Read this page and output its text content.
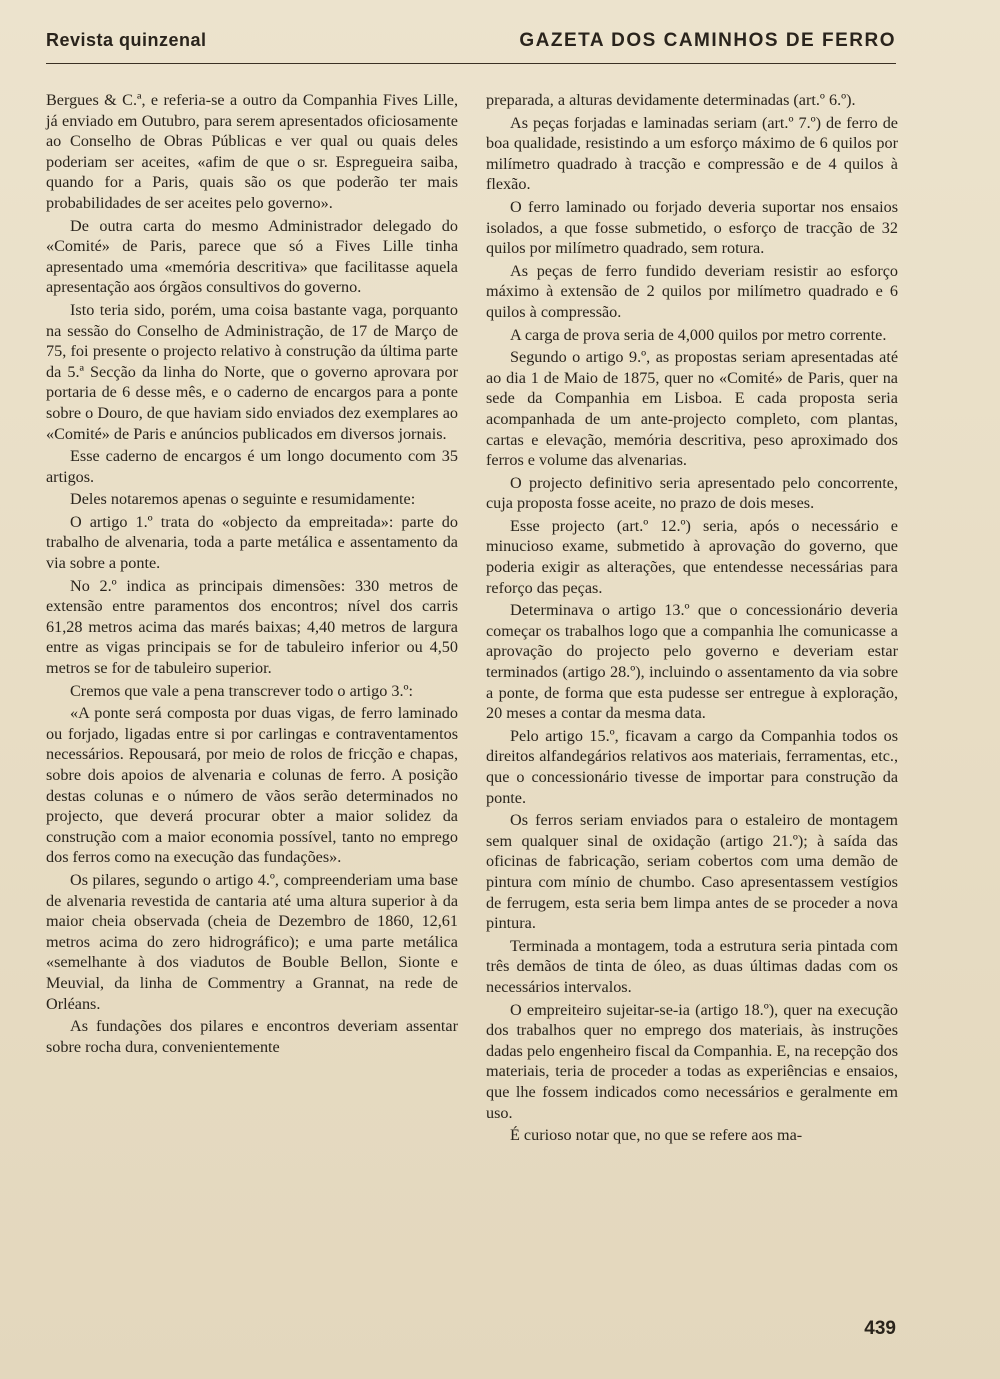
Revista quinzenal	GAZETA DOS CAMINHOS DE FERRO

Bergues & C.ª, e referia-se a outro da Companhia Fives Lille, já enviado em Outubro, para serem apresentados oficiosamente ao Conselho de Obras Públicas e ver qual ou quais deles poderiam ser aceites, «afim de que o sr. Espregueira saiba, quando for a Paris, quais são os que poderão ter mais probabilidades de ser aceites pelo governo».

De outra carta do mesmo Administrador delegado do «Comité» de Paris, parece que só a Fives Lille tinha apresentado uma «memória descritiva» que facilitasse aquela apresentação aos órgãos consultivos do governo.

Isto teria sido, porém, uma coisa bastante vaga, porquanto na sessão do Conselho de Administração, de 17 de Março de 75, foi presente o projecto relativo à construção da última parte da 5.ª Secção da linha do Norte, que o governo aprovara por portaria de 6 desse mês, e o caderno de encargos para a ponte sobre o Douro, de que haviam sido enviados dez exemplares ao «Comité» de Paris e anúncios publicados em diversos jornais.

Esse caderno de encargos é um longo documento com 35 artigos.

Deles notaremos apenas o seguinte e resumidamente:

O artigo 1.º trata do «objecto da empreitada»: parte do trabalho de alvenaria, toda a parte metálica e assentamento da via sobre a ponte.

No 2.º indica as principais dimensões: 330 metros de extensão entre paramentos dos encontros; nível dos carris 61,28 metros acima das marés baixas; 4,40 metros de largura entre as vigas principais se for de tabuleiro inferior ou 4,50 metros se for de tabuleiro superior.

Cremos que vale a pena transcrever todo o artigo 3.º:

«A ponte será composta por duas vigas, de ferro laminado ou forjado, ligadas entre si por carlingas e contraventamentos necessários. Repousará, por meio de rolos de fricção e chapas, sobre dois apoios de alvenaria e colunas de ferro. A posição destas colunas e o número de vãos serão determinados no projecto, que deverá procurar obter a maior solidez da construção com a maior economia possível, tanto no emprego dos ferros como na execução das fundações».

Os pilares, segundo o artigo 4.º, compreenderiam uma base de alvenaria revestida de cantaria até uma altura superior à da maior cheia observada (cheia de Dezembro de 1860, 12,61 metros acima do zero hidrográfico); e uma parte metálica «semelhante à dos viadutos de Bouble Bellon, Sionte e Meuvial, da linha de Commentry a Grannat, na rede de Orléans.

As fundações dos pilares e encontros deveriam assentar sobre rocha dura, convenientemente

preparada, a alturas devidamente determinadas (art.º 6.º).

As peças forjadas e laminadas seriam (art.º 7.º) de ferro de boa qualidade, resistindo a um esforço máximo de 6 quilos por milímetro quadrado à tracção e compressão e de 4 quilos à flexão.

O ferro laminado ou forjado deveria suportar nos ensaios isolados, a que fosse submetido, o esforço de tracção de 32 quilos por milímetro quadrado, sem rotura.

As peças de ferro fundido deveriam resistir ao esforço máximo à extensão de 2 quilos por milímetro quadrado e 6 quilos à compressão.

A carga de prova seria de 4,000 quilos por metro corrente.

Segundo o artigo 9.º, as propostas seriam apresentadas até ao dia 1 de Maio de 1875, quer no «Comité» de Paris, quer na sede da Companhia em Lisboa. E cada proposta seria acompanhada de um ante-projecto completo, com plantas, cartas e elevação, memória descritiva, peso aproximado dos ferros e volume das alvenarias.

O projecto definitivo seria apresentado pelo concorrente, cuja proposta fosse aceite, no prazo de dois meses.

Esse projecto (art.º 12.º) seria, após o necessário e minucioso exame, submetido à aprovação do governo, que poderia exigir as alterações, que entendesse necessárias para reforço das peças.

Determinava o artigo 13.º que o concessionário deveria começar os trabalhos logo que a companhia lhe comunicasse a aprovação do projecto pelo governo e deveriam estar terminados (artigo 28.º), incluindo o assentamento da via sobre a ponte, de forma que esta pudesse ser entregue à exploração, 20 meses a contar da mesma data.

Pelo artigo 15.º, ficavam a cargo da Companhia todos os direitos alfandegários relativos aos materiais, ferramentas, etc., que o concessionário tivesse de importar para construção da ponte.

Os ferros seriam enviados para o estaleiro de montagem sem qualquer sinal de oxidação (artigo 21.º); à saída das oficinas de fabricação, seriam cobertos com uma demão de pintura com mínio de chumbo. Caso apresentassem vestígios de ferrugem, esta seria bem limpa antes de se proceder a nova pintura.

Terminada a montagem, toda a estrutura seria pintada com três demãos de tinta de óleo, as duas últimas dadas com os necessários intervalos.

O empreiteiro sujeitar-se-ia (artigo 18.º), quer na execução dos trabalhos quer no emprego dos materiais, às instruções dadas pelo engenheiro fiscal da Companhia. E, na recepção dos materiais, teria de proceder a todas as experiências e ensaios, que lhe fossem indicados como necessários e geralmente em uso.

É curioso notar que, no que se refere aos ma-

439
